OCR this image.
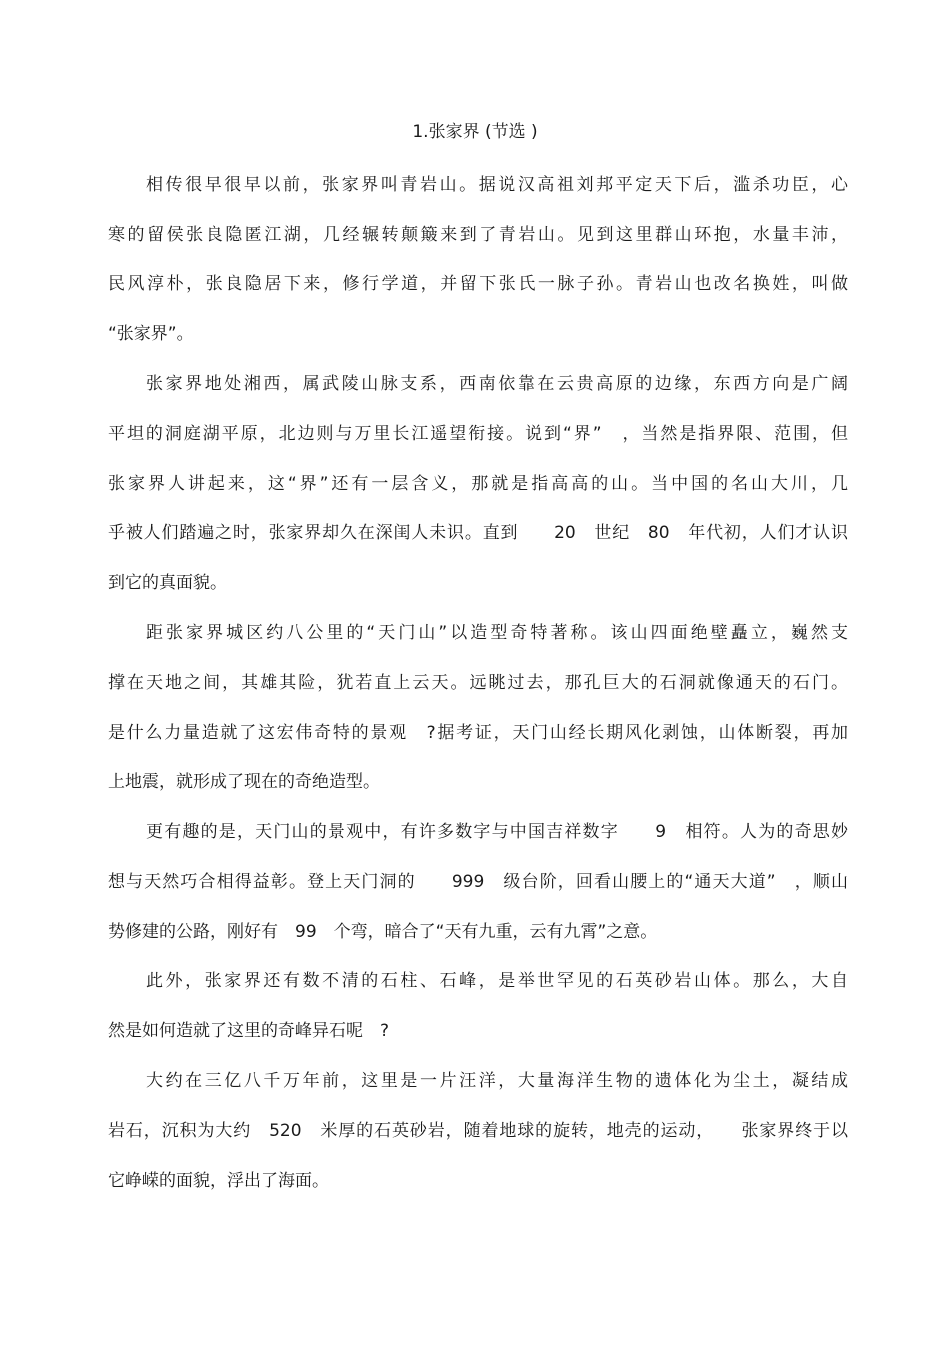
1.张家界 (节选 )
相传很早很早以前，张家界叫青岩山。据说汉高祖刘邦平定天下后，滥杀功臣，心
寒的留侯张良隐匿江湖，几经辗转颠簸来到了青岩山。见到这里群山环抱，水量丰沛，
民风淳朴，张良隐居下来，修行学道，并留下张氏一脉子孙。青岩山也改名换姓，叫做
“张家界”。
张家界地处湘西，属武陵山脉支系，西南依靠在云贵高原的边缘，东西方向是广阔
平坦的洞庭湖平原，北边则与万里长江遥望衔接。说到“界”　，当然是指界限、范围，但
张家界人讲起来，这“界”还有一层含义，那就是指高高的山。当中国的名山大川，几
乎被人们踏遍之时，张家界却久在深闺人未识。直到　　20　世纪　80　年代初，人们才认识
到它的真面貌。
距张家界城区约八公里的“天门山”以造型奇特著称。该山四面绝壁矗立，巍然支
撑在天地之间，其雄其险，犹若直上云天。远眺过去，那孔巨大的石洞就像通天的石门。
是什么力量造就了这宏伟奇特的景观　?据考证，天门山经长期风化剥蚀，山体断裂，再加
上地震，就形成了现在的奇绝造型。
更有趣的是，天门山的景观中，有许多数字与中国吉祥数字　　9　相符。人为的奇思妙
想与天然巧合相得益彰。登上天门洞的　　999　级台阶，回看山腰上的“通天大道”　，顺山
势修建的公路，刚好有　99　个弯，暗合了“天有九重，云有九霄”之意。
此外，张家界还有数不清的石柱、石峰，是举世罕见的石英砂岩山体。那么，大自
然是如何造就了这里的奇峰异石呢　?
大约在三亿八千万年前，这里是一片汪洋，大量海洋生物的遗体化为尘土，凝结成
岩石，沉积为大约　520　米厚的石英砂岩，随着地球的旋转，地壳的运动，　　张家界终于以
它峥嵘的面貌，浮出了海面。
